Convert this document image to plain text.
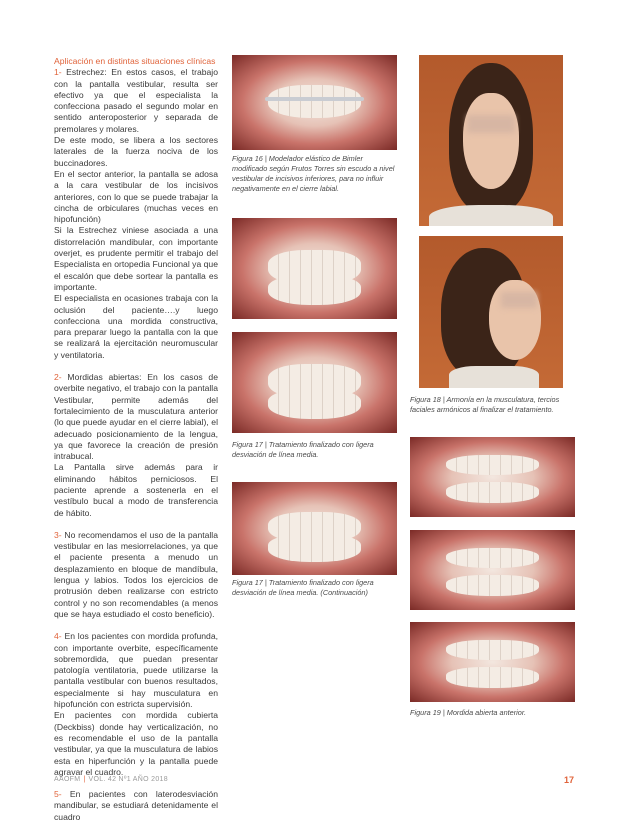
Aplicación en distintas situaciones clínicas
1- Estrechez: En estos casos, el trabajo con la pantalla vestibular, resulta ser efectivo ya que el especialista la confecciona pasado el segundo molar en sentido anteroposterior y separada de premolares y molares.
De este modo, se libera a los sectores laterales de la fuerza nociva de los buccinadores.
En el sector anterior, la pantalla se adosa a la cara vestibular de los incisivos anteriores, con lo que se puede trabajar la cincha de orbiculares (muchas veces en hipofunción)
Si la Estrechez viniese asociada a una distorrelación mandibular, con importante overjet, es prudente permitir el trabajo del Especialista en ortopedia Funcional ya que el escalón que debe sortear la pantalla es importante.
El especialista en ocasiones trabaja con la oclusión del paciente….y luego confecciona una mordida constructiva, para preparar luego la pantalla con la que se realizará la ejercitación neuromuscular y ventilatoria.

2- Mordidas abiertas: En los casos de overbite negativo, el trabajo con la pantalla Vestibular, permite además del fortalecimiento de la musculatura anterior (lo que puede ayudar en el cierre labial), el adecuado posicionamiento de la lengua, ya que favorece la creación de presión intrabucal.
La Pantalla sirve además para ir eliminando hábitos perniciosos. El paciente aprende a sostenerla en el vestíbulo bucal a modo de transferencia de hábito.

3- No recomendamos el uso de la pantalla vestibular en las mesiorrelaciones, ya que el paciente presenta a menudo un desplazamiento en bloque de mandíbula, lengua y labios. Todos los ejercicios de protrusión deben realizarse con estricto control y no son recomendables (a menos que se haya estudiado el costo beneficio).

4- En los pacientes con mordida profunda, con importante overbite, específicamente sobremordida, que puedan presentar patología ventilatoria, puede utilizarse la pantalla vestibular con buenos resultados, especialmente si hay musculatura en hipofunción con estricta supervisión.
En pacientes con mordida cubierta (Deckbiss) donde hay verticalización, no es recomendable el uso de la pantalla vestibular, ya que la musculatura de labios esta en hiperfunción y la pantalla puede agravar el cuadro.

5- En pacientes con laterodesviación mandibular, se estudiará detenidamente el cuadro

Figura 16 | Modelador elástico de Bimler modificado según Frutos Torres sin escudo a nivel vestibular de incisivos inferiores, para no influir negativamente en el cierre labial.
Figura 17 | Tratamiento finalizado con ligera desviación de línea media.
Figura 17 | Tratamiento finalizado con ligera desviación de línea media. (Continuación)
Figura 18 | Armonía en la musculatura, tercios faciales armónicos al finalizar el tratamiento.
Figura 19 | Mordida abierta anterior.
AAOFM | VOL. 42 Nº1 AÑO 2018	17
